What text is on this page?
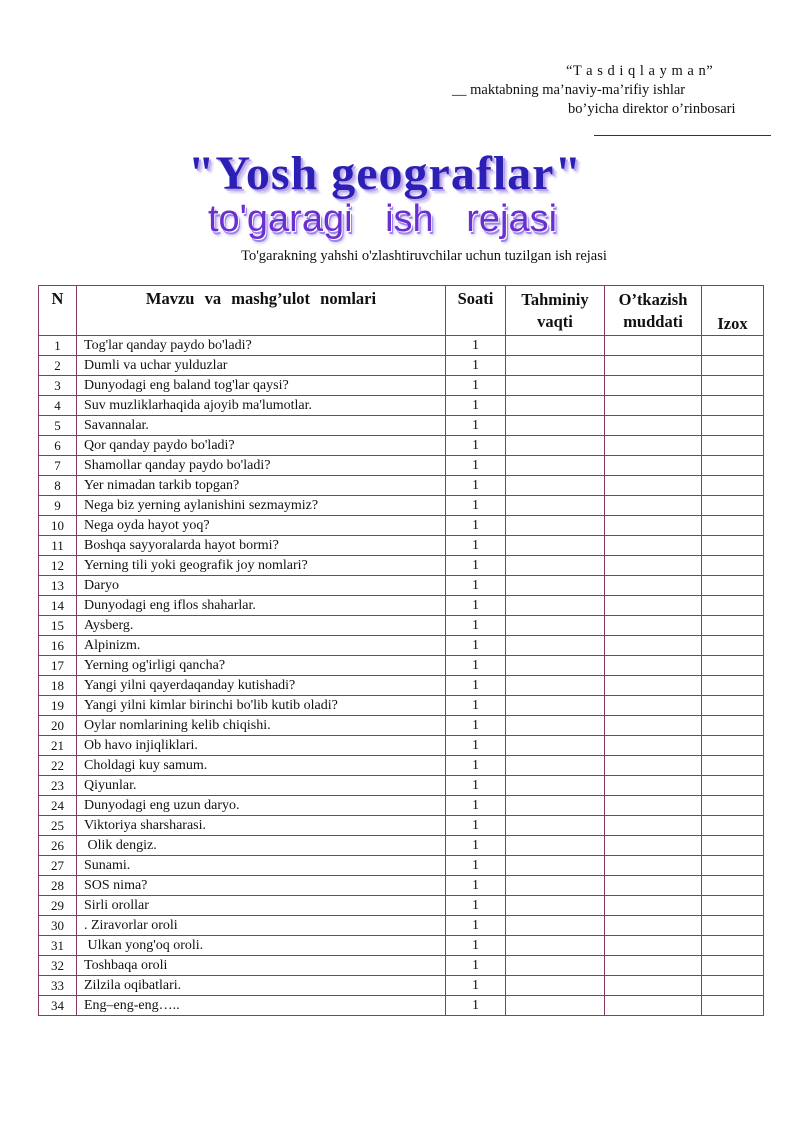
“T a s d i q l a y m a n”
__ maktabning ma’naviy-ma’rifiy ishlar
bo’yicha direktor o’rinbosari
"Yosh geograflar"
to'garagi ish rejasi
To'garakning yahshi o'zlashtiruvchilar uchun tuzilgan ish rejasi
N	Mavzu va mashg’ulot nomlari	Soati	Tahminiy vaqti	O’tkazish muddati	Izox
1	Tog'lar qanday paydo bo'ladi?	1			
2	Dumli va uchar yulduzlar	1			
3	Dunyodagi eng baland tog'lar qaysi?	1			
4	Suv muzliklarhaqida ajoyib ma'lumotlar.	1			
5	Savannalar.	1			
6	Qor qanday paydo bo'ladi?	1			
7	Shamollar qanday paydo bo'ladi?	1			
8	Yer nimadan tarkib topgan?	1			
9	Nega biz yerning aylanishini sezmaymiz?	1			
10	Nega oyda hayot yoq?	1			
11	Boshqa sayyoralarda hayot bormi?	1			
12	Yerning tili yoki geografik joy nomlari?	1			
13	Daryo	1			
14	Dunyodagi eng iflos shaharlar.	1			
15	Aysberg.	1			
16	Alpinizm.	1			
17	Yerning og'irligi qancha?	1			
18	Yangi yilni qayerdaqanday kutishadi?	1			
19	Yangi yilni kimlar birinchi bo'lib kutib oladi?	1			
20	Oylar nomlarining kelib chiqishi.	1			
21	Ob havo injiqliklari.	1			
22	Choldagi kuy samum.	1			
23	Qiyunlar.	1			
24	Dunyodagi eng uzun daryo.	1			
25	Viktoriya sharsharasi.	1			
26	Olik dengiz.	1			
27	Sunami.	1			
28	SOS nima?	1			
29	Sirli orollar	1			
30	. Ziravorlar oroli	1			
31	Ulkan yong'oq oroli.	1			
32	Toshbaqa oroli	1			
33	Zilzila oqibatlari.	1			
34	Eng–eng-eng…..	1			
